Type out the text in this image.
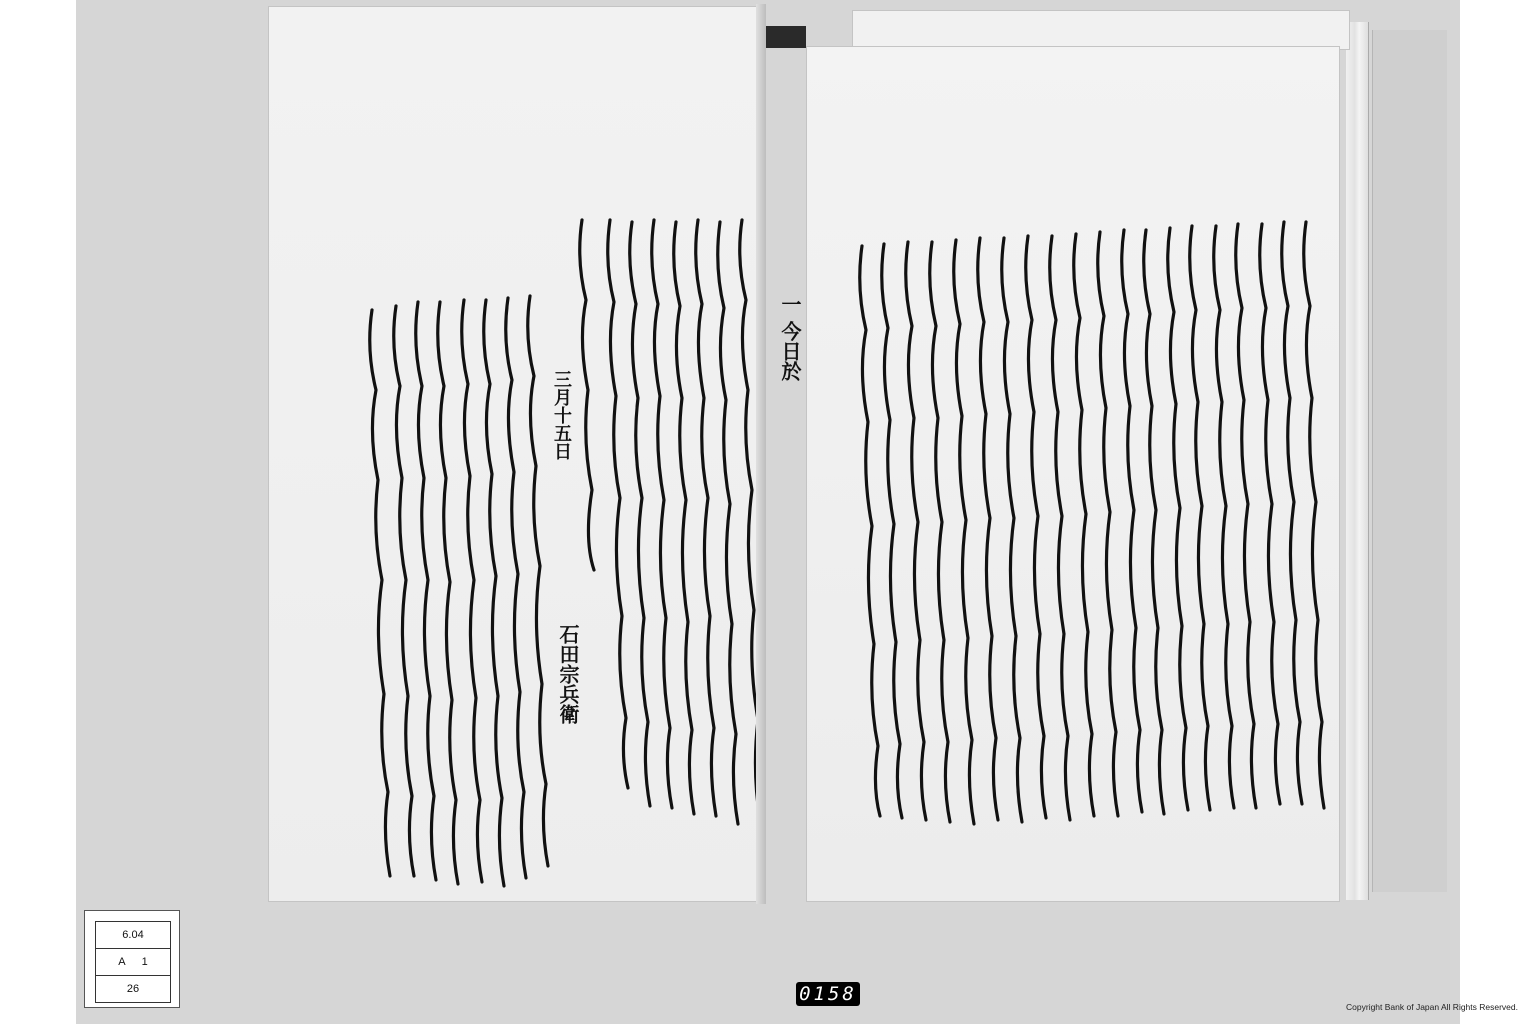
一 今日於
三月十五日
石田宗兵衛
6.04
A 1
26	0158
Copyright Bank of Japan All Rights Reserved.
